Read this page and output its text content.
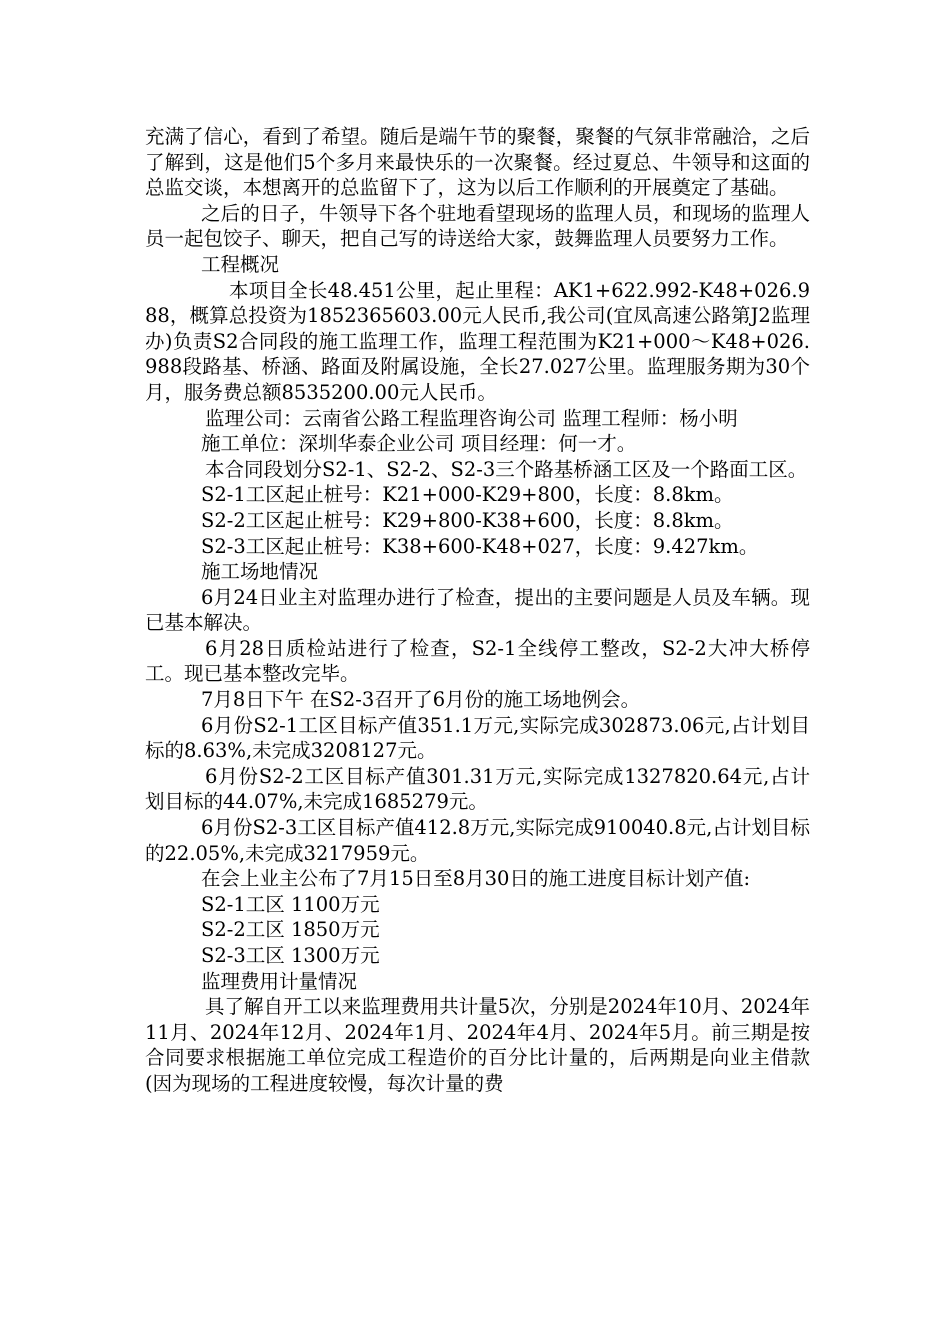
充满了信心，看到了希望。随后是端午节的聚餐，聚餐的气氛非常融洽，之后了解到，这是他们5个多月来最快乐的一次聚餐。经过夏总、牛领导和这面的总监交谈，本想离开的总监留下了，这为以后工作顺利的开展奠定了基础。

之后的日子，牛领导下各个驻地看望现场的监理人员，和现场的监理人员一起包饺子、聊天，把自己写的诗送给大家，鼓舞监理人员要努力工作。

工程概况

本项目全长48.451公里，起止里程：AK1+622.992-K48+026.988，概算总投资为1852365603.00元人民币,我公司(宜凤高速公路第J2监理办)负责S2合同段的施工监理工作，监理工程范围为K21+000～K48+026.988段路基、桥涵、路面及附属设施，全长27.027公里。监理服务期为30个月，服务费总额8535200.00元人民币。

监理公司：云南省公路工程监理咨询公司 监理工程师：杨小明

施工单位：深圳华泰企业公司 项目经理：何一才。

本合同段划分S2-1、S2-2、S2-3三个路基桥涵工区及一个路面工区。

S2-1工区起止桩号：K21+000-K29+800，长度：8.8km。

S2-2工区起止桩号：K29+800-K38+600，长度：8.8km。

S2-3工区起止桩号：K38+600-K48+027，长度：9.427km。

施工场地情况

6月24日业主对监理办进行了检查，提出的主要问题是人员及车辆。现已基本解决。

6月28日质检站进行了检查，S2-1全线停工整改，S2-2大冲大桥停工。现已基本整改完毕。

7月8日下午 在S2-3召开了6月份的施工场地例会。

6月份S2-1工区目标产值351.1万元,实际完成302873.06元,占计划目标的8.63%,未完成3208127元。

6月份S2-2工区目标产值301.31万元,实际完成1327820.64元,占计划目标的44.07%,未完成1685279元。

6月份S2-3工区目标产值412.8万元,实际完成910040.8元,占计划目标的22.05%,未完成3217959元。

在会上业主公布了7月15日至8月30日的施工进度目标计划产值:

S2-1工区 1100万元

S2-2工区 1850万元

S2-3工区 1300万元

监理费用计量情况

具了解自开工以来监理费用共计量5次，分别是2024年10月、2024年11月、2024年12月、2024年1月、2024年4月、2024年5月。前三期是按合同要求根据施工单位完成工程造价的百分比计量的，后两期是向业主借款(因为现场的工程进度较慢，每次计量的费
